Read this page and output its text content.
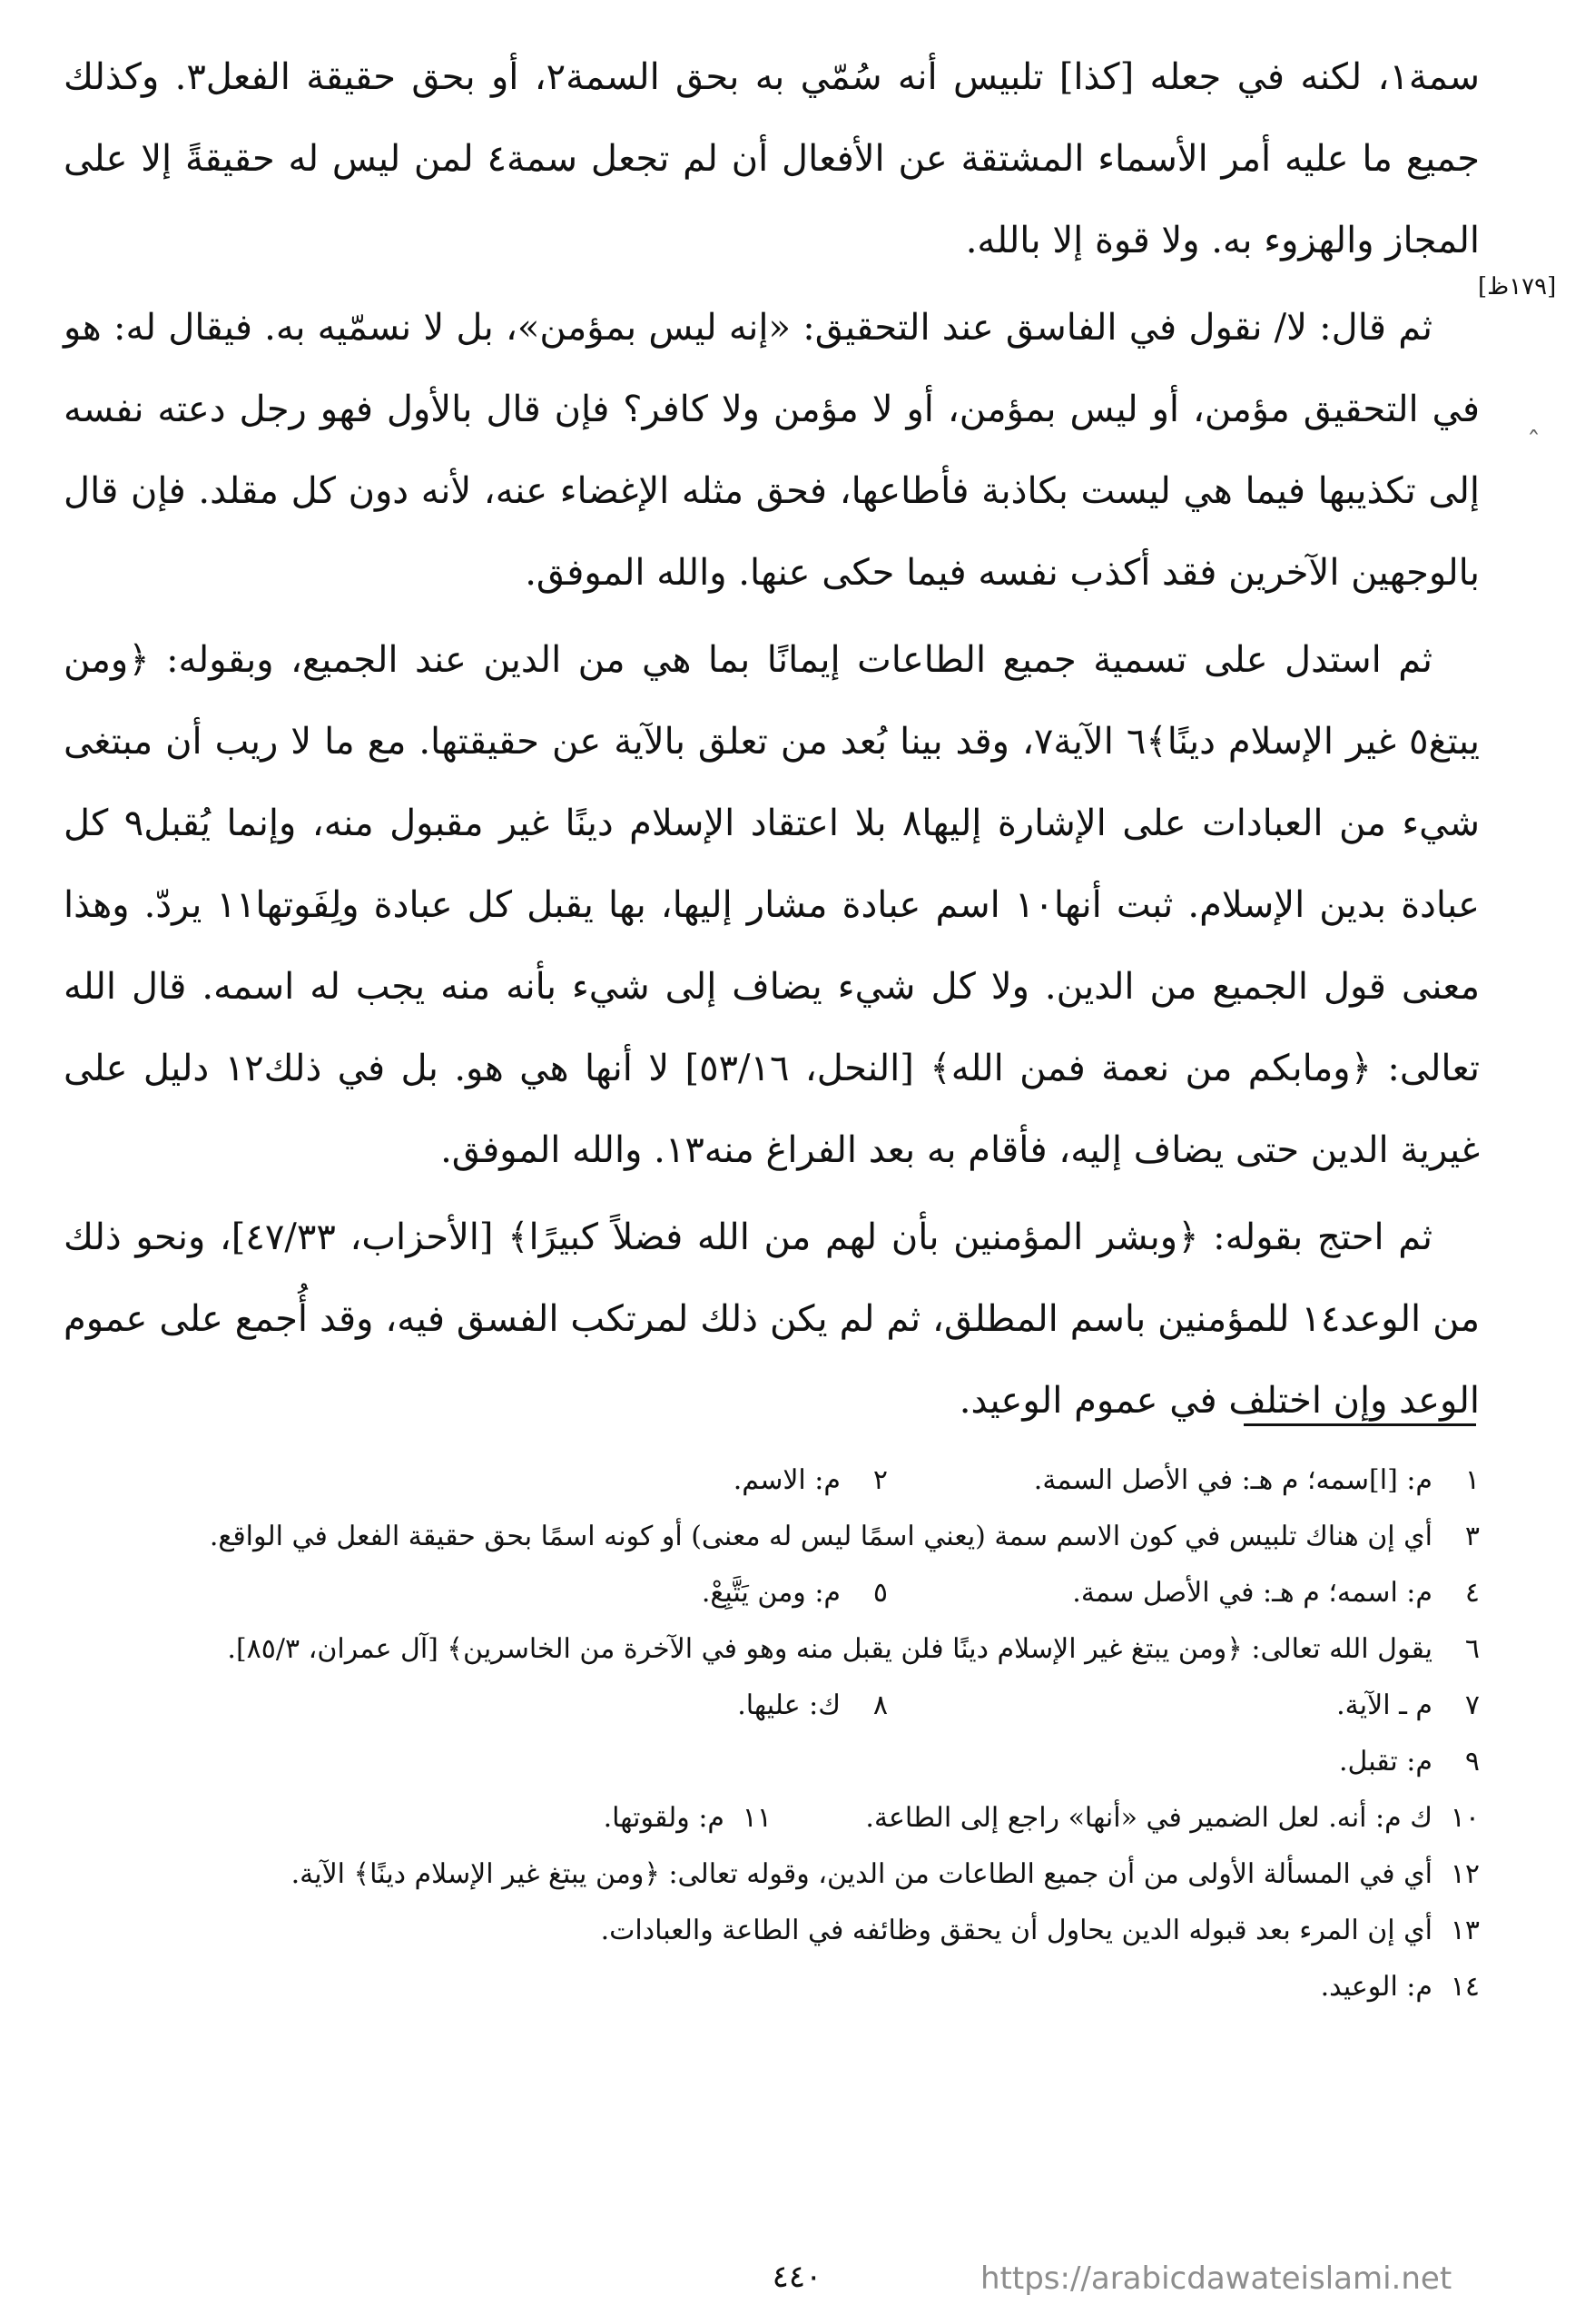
سمة١، لكنه في جعله [كذا] تلبيس أنه سُمّي به بحق السمة٢، أو بحق حقيقة الفعل٣. وكذلك جميع ما عليه أمر الأسماء المشتقة عن الأفعال أن لم تجعل سمة٤ لمن ليس له حقيقةً إلا على المجاز والهزوء به. ولا قوة إلا بالله.

ثم قال: لا/ نقول في الفاسق عند التحقيق: «إنه ليس بمؤمن»، بل لا نسمّيه به. فيقال له: هو في التحقيق مؤمن، أو ليس بمؤمن، أو لا مؤمن ولا كافر؟ فإن قال بالأول فهو رجل دعته نفسه إلى تكذيبها فيما هي ليست بكاذبة فأطاعها، فحق مثله الإغضاء عنه، لأنه دون كل مقلد. فإن قال بالوجهين الآخرين فقد أكذب نفسه فيما حكى عنها. والله الموفق.

ثم استدل على تسمية جميع الطاعات إيمانًا بما هي من الدين عند الجميع، وبقوله: ﴿ومن يبتغ٥ غير الإسلام دينًا﴾٦ الآية٧، وقد بينا بُعد من تعلق بالآية عن حقيقتها. مع ما لا ريب أن مبتغى شيء من العبادات على الإشارة إليها٨ بلا اعتقاد الإسلام دينًا غير مقبول منه، وإنما يُقبل٩ كل عبادة بدين الإسلام. ثبت أنها١٠ اسم عبادة مشار إليها، بها يقبل كل عبادة ولِفَوتها١١ يردّ. وهذا معنى قول الجميع من الدين. ولا كل شيء يضاف إلى شيء بأنه منه يجب له اسمه. قال الله تعالى: ﴿ومابكم من نعمة فمن الله﴾ [النحل، ٥٣/١٦] لا أنها هي هو. بل في ذلك١٢ دليل على غيرية الدين حتى يضاف إليه، فأقام به بعد الفراغ منه١٣. والله الموفق.

ثم احتج بقوله: ﴿وبشر المؤمنين بأن لهم من الله فضلاً كبيرًا﴾ [الأحزاب، ٤٧/٣٣]، ونحو ذلك من الوعد١٤ للمؤمنين باسم المطلق، ثم لم يكن ذلك لمرتكب الفسق فيه، وقد أُجمع على عموم الوعد وإن اختلف في عموم الوعيد.

[١٧٩ظ]
ˆ
١
م: [ا]سمه؛ م هـ: في الأصل السمة.
٢
م: الاسم.
٣
أي إن هناك تلبيس في كون الاسم سمة (يعني اسمًا ليس له معنى) أو كونه اسمًا بحق حقيقة الفعل في الواقع.
٤
م: اسمه؛ م هـ: في الأصل سمة.
٥
م: ومن يَتَّبِعْ.
٦
يقول الله تعالى: ﴿ومن يبتغ غير الإسلام دينًا فلن يقبل منه وهو في الآخرة من الخاسرين﴾ [آل عمران، ٨٥/٣].
٧
م ـ الآية.
٨
ك: عليها.
٩
م: تقبل.
١٠
ك م: أنه. لعل الضمير في «أنها» راجع إلى الطاعة.
١١
م: ولقوتها.
١٢
أي في المسألة الأولى من أن جميع الطاعات من الدين، وقوله تعالى: ﴿ومن يبتغ غير الإسلام دينًا﴾ الآية.
١٣
أي إن المرء بعد قبوله الدين يحاول أن يحقق وظائفه في الطاعة والعبادات.
١٤
م: الوعيد.
٤٤٠	https://arabicdawateislami.net
